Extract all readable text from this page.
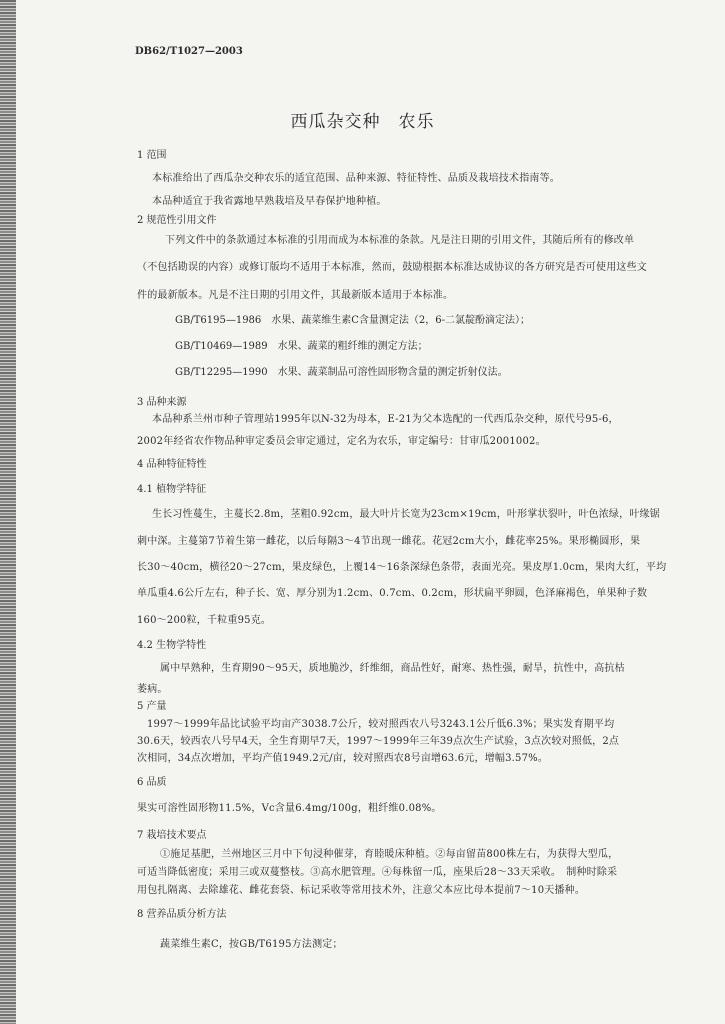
DB62/T1027—2003
西瓜杂交种　农乐
1 范围
本标准给出了西瓜杂交种农乐的适宜范围、品种来源、特征特性、品质及栽培技术指南等。
本品种适宜于我省露地早熟栽培及早春保护地种植。
2 规范性引用文件
下列文件中的条款通过本标准的引用而成为本标准的条款。凡是注日期的引用文件，其随后所有的修改单
（不包括勘误的内容）或修订版均不适用于本标准，然而，鼓励根据本标准达成协议的各方研究是否可使用这些文
件的最新版本。凡是不注日期的引用文件，其最新版本适用于本标准。
GB/T6195—1986　水果、蔬菜维生素C含量测定法（2，6-二氯靛酚滴定法）；
GB/T10469—1989　水果、蔬菜的粗纤维的测定方法；
GB/T12295—1990　水果、蔬菜制品可溶性固形物含量的测定折射仪法。
3 品种来源
本品种系兰州市种子管理站1995年以N-32为母本，E-21为父本选配的一代西瓜杂交种，原代号95-6，
2002年经省农作物品种审定委员会审定通过，定名为农乐，审定编号：甘审瓜2001002。
4 品种特征特性
4.1 植物学特征
生长习性蔓生，主蔓长2.8m，茎粗0.92cm，最大叶片长宽为23cm×19cm，叶形掌状裂叶，叶色浓绿，叶缘锯
刺中深。主蔓第7节着生第一雌花，以后每隔3～4节出现一雌花。花冠2cm大小，雌花率25%。果形椭圆形，果
长30～40cm，横径20～27cm，果皮绿色，上覆14～16条深绿色条带，表面光亮。果皮厚1.0cm，果肉大红，平均
单瓜重4.6公斤左右，种子长、宽、厚分别为1.2cm、0.7cm、0.2cm，形状扁平卵圆，色泽麻褐色，单果种子数
160～200粒，千粒重95克。
4.2 生物学特性
属中早熟种，生育期90～95天，质地脆沙，纤维细，商品性好，耐寒、热性强，耐旱，抗性中，高抗枯
萎病。
5 产量
1997～1999年品比试验平均亩产3038.7公斤，较对照西农八号3243.1公斤低6.3%；果实发育期平均
30.6天，较西农八号早4天，全生育期早7天，1997～1999年三年39点次生产试验，3点次较对照低，2点
次相同，34点次增加，平均产值1949.2元/亩，较对照西农8号亩增63.6元，增幅3.57%。
6 品质
果实可溶性固形物11.5%，Vc含量6.4mg/100g，粗纤维0.08%。
7 栽培技术要点
①施足基肥，兰州地区三月中下旬浸种催芽，育睦暖床种植。②每亩留苗800株左右，为获得大型瓜，
可适当降低密度；采用三或双蔓整枝。③高水肥管理。④每株留一瓜，座果后28～33天采收。　制种时除采
用包扎隔离、去除雄花、雌花套袋、标记采收等常用技术外，注意父本应比母本提前7～10天播种。
8 营养品质分析方法
蔬菜维生素C，按GB/T6195方法测定；
